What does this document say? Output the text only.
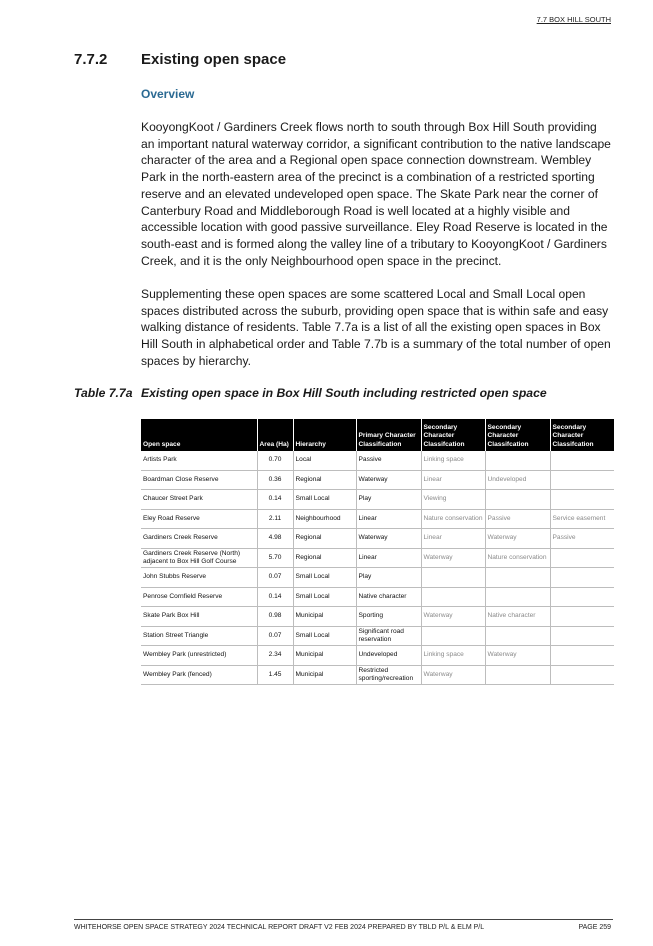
7.7 BOX HILL SOUTH
7.7.2 Existing open space
Overview

KooyongKoot / Gardiners Creek flows north to south through Box Hill South providing an important natural waterway corridor, a significant contribution to the native landscape character of the area and a Regional open space connection downstream. Wembley Park in the north-eastern area of the precinct is a combination of a restricted sporting reserve and an elevated undeveloped open space. The Skate Park near the corner of Canterbury Road and Middleborough Road is well located at a highly visible and accessible location with good passive surveillance. Eley Road Reserve is located in the south-east and is formed along the valley line of a tributary to KooyongKoot / Gardiners Creek, and it is the only Neighbourhood open space in the precinct.

Supplementing these open spaces are some scattered Local and Small Local open spaces distributed across the suburb, providing open space that is within safe and easy walking distance of residents. Table 7.7a is a list of all the existing open spaces in Box Hill South in alphabetical order and Table 7.7b is a summary of the total number of open spaces by hierarchy.

Table 7.7a Existing open space in Box Hill South including restricted open space
Open space	Area (Ha)	Hierarchy	Primary Character Classification	Secondary Character Classifcation	Secondary Character Classifcation	Secondary Character Classifcation
Artists Park	0.70	Local	Passive	Linking space		
Boardman Close Reserve	0.36	Regional	Waterway	Linear	Undeveloped	
Chaucer Street Park	0.14	Small Local	Play	Viewing		
Eley Road Reserve	2.11	Neighbourhood	Linear	Nature conservation	Passive	Service easement
Gardiners Creek Reserve	4.98	Regional	Waterway	Linear	Waterway	Passive
Gardiners Creek Reserve (North) adjacent to Box Hill Golf Course	5.70	Regional	Linear	Waterway	Nature conservation	
John Stubbs Reserve	0.07	Small Local	Play			
Penrose Cornfield Reserve	0.14	Small Local	Native character			
Skate Park Box Hill	0.98	Municipal	Sporting	Waterway	Native character	
Station Street Triangle	0.07	Small Local	Significant road reservation			
Wembley Park (unrestricted)	2.34	Municipal	Undeveloped	Linking space	Waterway	
Wembley Park (fenced)	1.45	Municipal	Restricted sporting/recreation	Waterway		
WHITEHORSE OPEN SPACE STRATEGY 2024 TECHNICAL REPORT DRAFT V2 FEB 2024 PREPARED BY TBLD P/L & ELM P/L	PAGE 259
